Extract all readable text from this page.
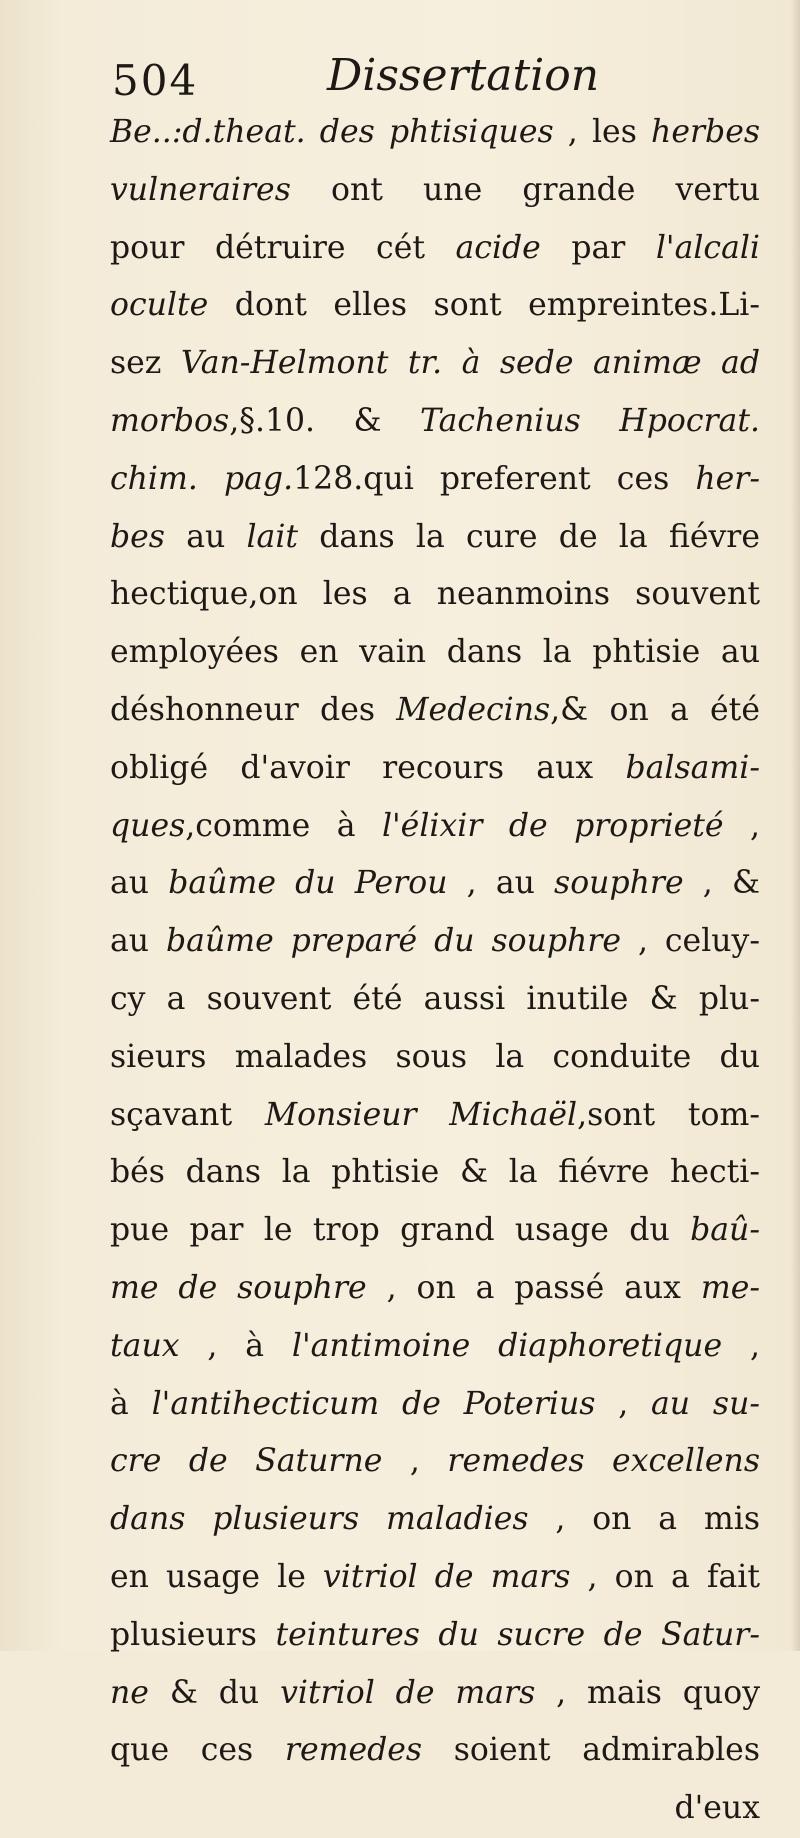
504	Dissertation
Be..:d.theat. des phtisiques , les herbes
vulneraires ont une grande vertu
pour détruire cét acide par l'alcali
oculte dont elles sont empreintes.Li-
sez Van-Helmont tr. à sede animæ ad
morbos,§.10. & Tachenius Hpocrat.
chim. pag.128.qui preferent ces her-
bes au lait dans la cure de la fiévre
hectique,on les a neanmoins souvent
employées en vain dans la phtisie au
déshonneur des Medecins,& on a été
obligé d'avoir recours aux balsami-
ques,comme à l'élixir de proprieté ,
au baûme du Perou , au souphre , &
au baûme preparé du souphre , celuy-
cy a souvent été aussi inutile & plu-
sieurs malades sous la conduite du
sçavant Monsieur Michaël,sont tom-
bés dans la phtisie & la fiévre hecti-
pue par le trop grand usage du baû-
me de souphre , on a passé aux me-
taux , à l'antimoine diaphoretique ,
à l'antihecticum de Poterius , au su-
cre de Saturne , remedes excellens
dans plusieurs maladies , on a mis
en usage le vitriol de mars , on a fait
plusieurs teintures du sucre de Satur-
ne & du vitriol de mars , mais quoy
que ces remedes soient admirables
d'eux
